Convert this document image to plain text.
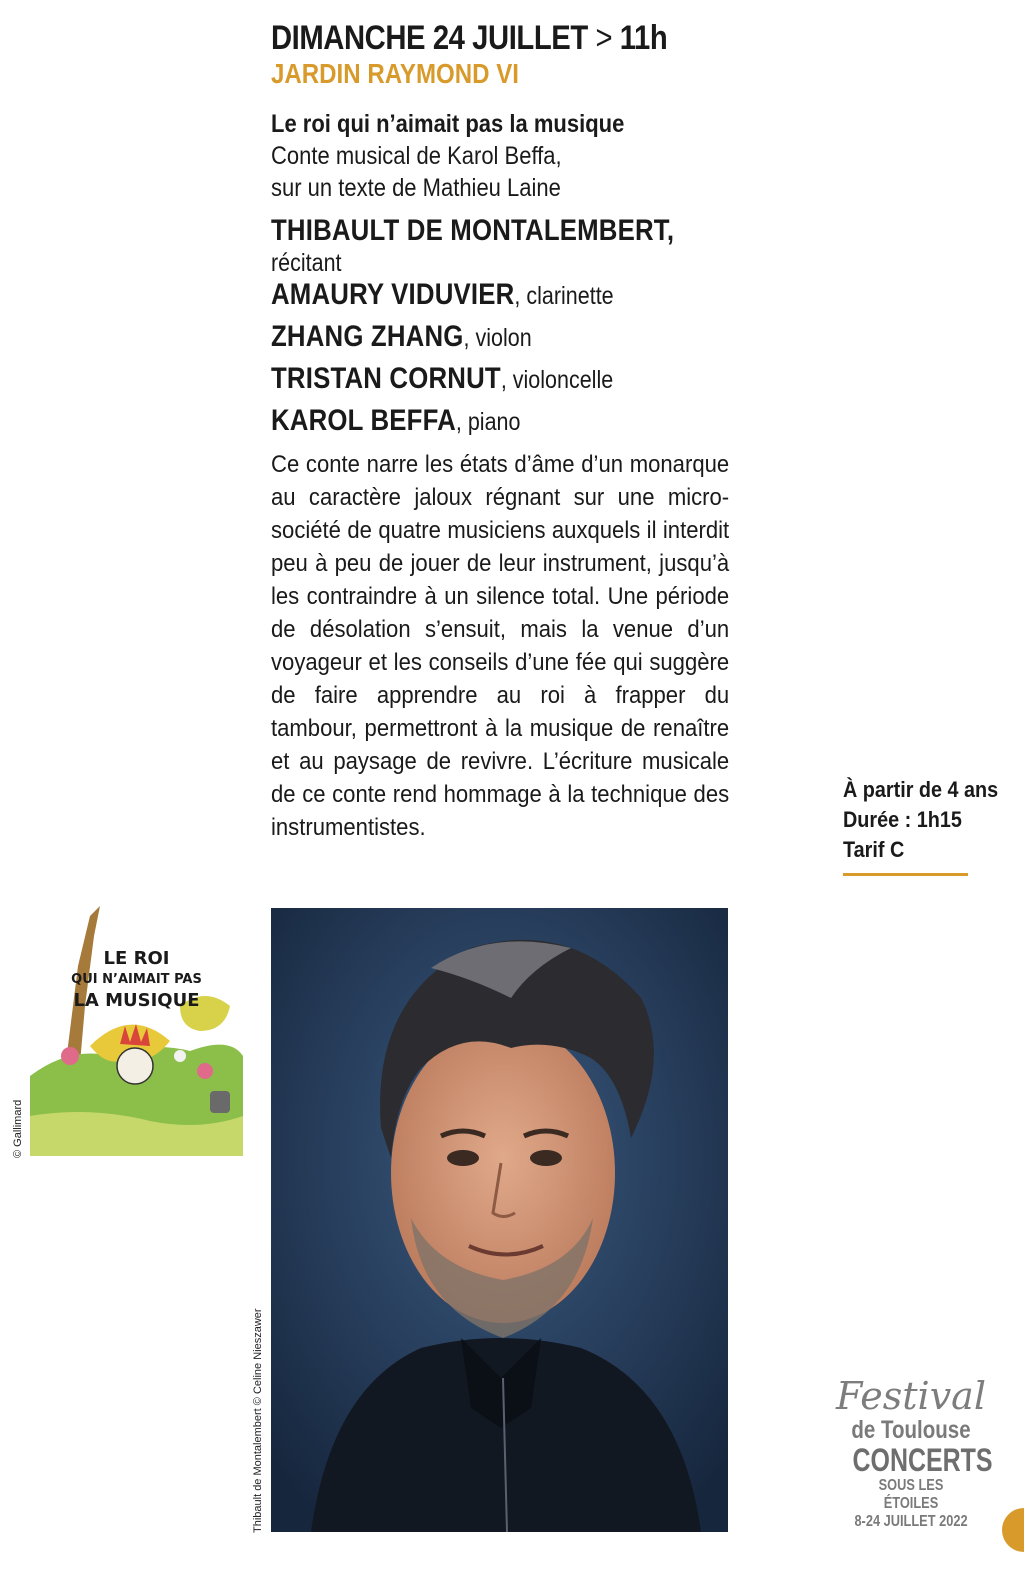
DIMANCHE 24 JUILLET > 11h
JARDIN RAYMOND VI
Le roi qui n’aimait pas la musique
Conte musical de Karol Beffa,
sur un texte de Mathieu Laine
THIBAULT DE MONTALEMBERT,
récitant
AMAURY VIDUVIER, clarinette
ZHANG ZHANG, violon
TRISTAN CORNUT, violoncelle
KAROL BEFFA, piano

Ce conte narre les états d’âme d’un monarque au caractère jaloux régnant sur une micro-société de quatre musiciens auxquels il interdit peu à peu de jouer de leur instrument, jusqu’à les contraindre à un silence total. Une période de désolation s’ensuit, mais la venue d’un voyageur et les conseils d’une fée qui suggère de faire apprendre au roi à frapper du tambour, permettront à la musique de renaître et au paysage de revivre. L’écriture musicale de ce conte rend hommage à la technique des instrumentistes.

À partir de 4 ans
Durée : 1h15
Tarif C
LE ROI
QUI N’AIMAIT PAS
LA MUSIQUE
© Gallimard
Thibault de Montalembert © Celine Nieszawer	Festival
de Toulouse
CONCERTS
SOUS LES ÉTOILES
8-24 JUILLET 2022
